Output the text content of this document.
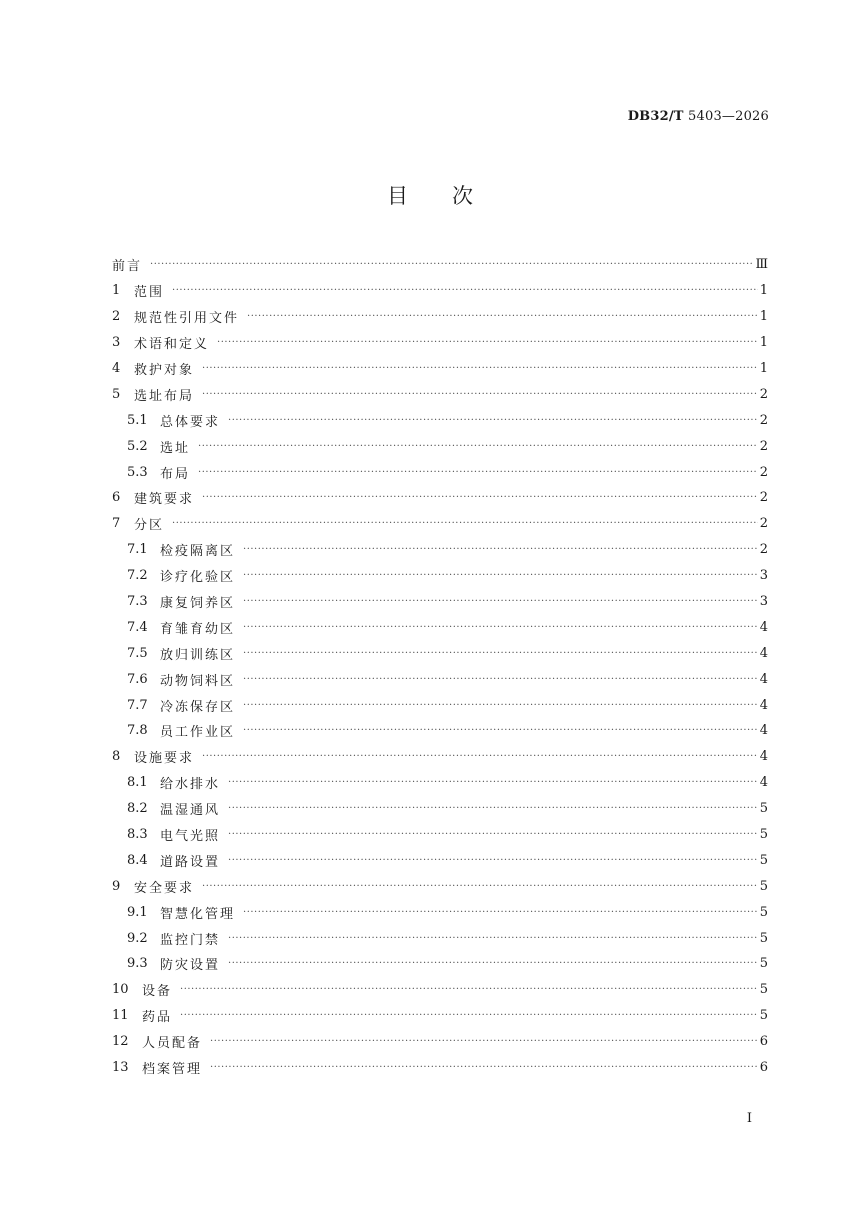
DB32/T 5403—2026
目次
前言 ·····	Ⅲ
1	范围 ·····	1
2	规范性引用文件 ·····	1
3	术语和定义 ·····	1
4	救护对象 ·····	1
5	选址布局 ·····	2
5.1 总体要求 ·····	2
5.2 选址 ·····	2
5.3 布局 ·····	2
6	建筑要求 ·····	2
7	分区 ·····	2
7.1 检疫隔离区 ·····	2
7.2 诊疗化验区 ·····	3
7.3 康复饲养区 ·····	3
7.4 育雏育幼区 ·····	4
7.5 放归训练区 ·····	4
7.6 动物饲料区 ·····	4
7.7 冷冻保存区 ·····	4
7.8 员工作业区 ·····	4
8	设施要求 ·····	4
8.1 给水排水 ·····	4
8.2 温湿通风 ·····	5
8.3 电气光照 ·····	5
8.4 道路设置 ·····	5
9	安全要求 ·····	5
9.1 智慧化管理 ·····	5
9.2 监控门禁 ·····	5
9.3 防灾设置 ·····	5
10	设备 ·····	5
11	药品 ·····	5
12	人员配备 ·····	6
13	档案管理 ·····	6
I
